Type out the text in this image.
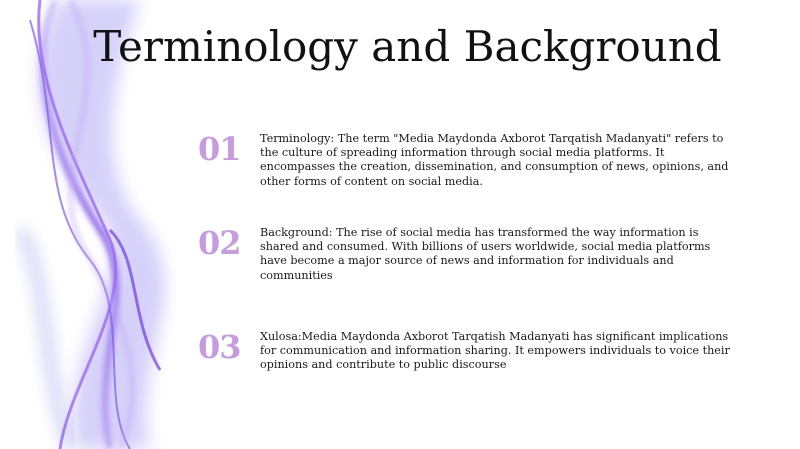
Terminology and Background
01	Terminology: The term "Media Maydonda Axborot Tarqatish Madanyati" refers to the culture of spreading information through social media platforms. It encompasses the creation, dissemination, and consumption of news, opinions, and other forms of content on social media.
02	Background: The rise of social media has transformed the way information is shared and consumed. With billions of users worldwide, social media platforms have become a major source of news and information for individuals and communities
03	Xulosa:Media Maydonda Axborot Tarqatish Madanyati has significant implications for communication and information sharing. It empowers individuals to voice their opinions and contribute to public discourse
